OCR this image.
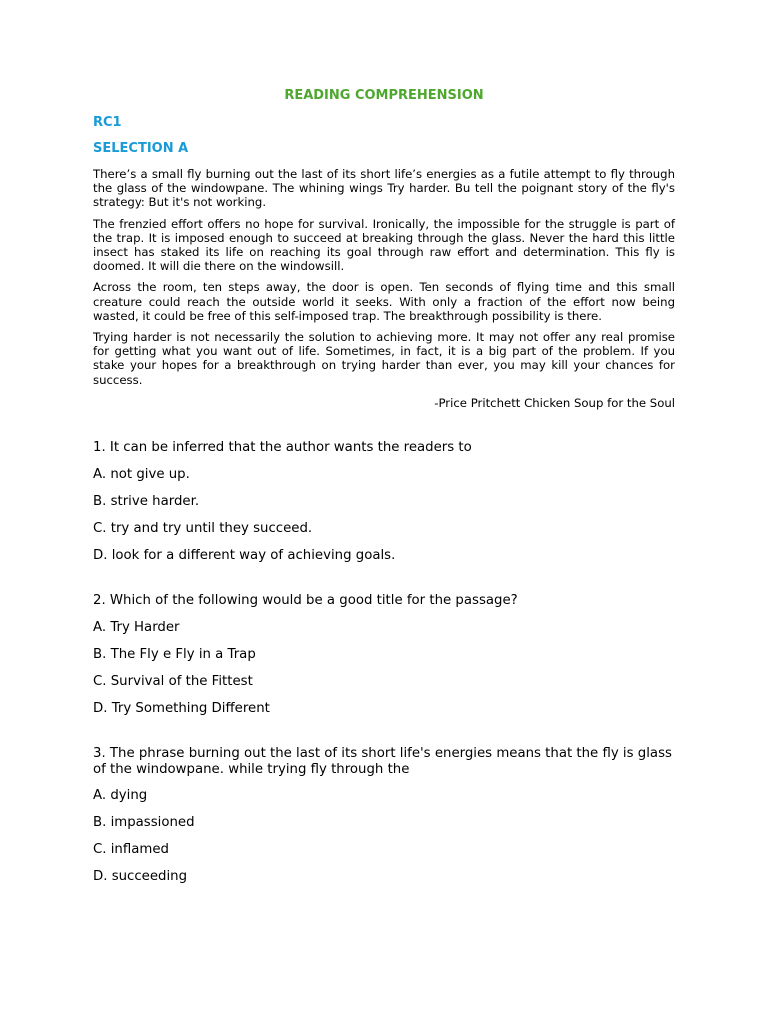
READING COMPREHENSION
RC1
SELECTION A

There’s a small fly burning out the last of its short life’s energies as a futile attempt to fly through the glass of the windowpane. The whining wings Try harder. Bu tell the poignant story of the fly's strategy: But it's not working.

The frenzied effort offers no hope for survival. Ironically, the impossible for the struggle is part of the trap. It is imposed enough to succeed at breaking through the glass. Never the hard this little insect has staked its life on reaching its goal through raw effort and determination. This fly is doomed. It will die there on the windowsill.

Across the room, ten steps away, the door is open. Ten seconds of flying time and this small creature could reach the outside world it seeks. With only a fraction of the effort now being wasted, it could be free of this self-imposed trap. The breakthrough possibility is there.

Trying harder is not necessarily the solution to achieving more. It may not offer any real promise for getting what you want out of life. Sometimes, in fact, it is a big part of the problem. If you stake your hopes for a breakthrough on trying harder than ever, you may kill your chances for success.

-Price Pritchett Chicken Soup for the Soul
1. It can be inferred that the author wants the readers to
A. not give up.
B. strive harder.
C. try and try until they succeed.
D. look for a different way of achieving goals.
2. Which of the following would be a good title for the passage?
A. Try Harder
B. The Fly e Fly in a Trap
C. Survival of the Fittest
D. Try Something Different
3. The phrase burning out the last of its short life's energies means that the fly is glass of the windowpane. while trying fly through the
A. dying
B. impassioned
C. inflamed
D. succeeding
